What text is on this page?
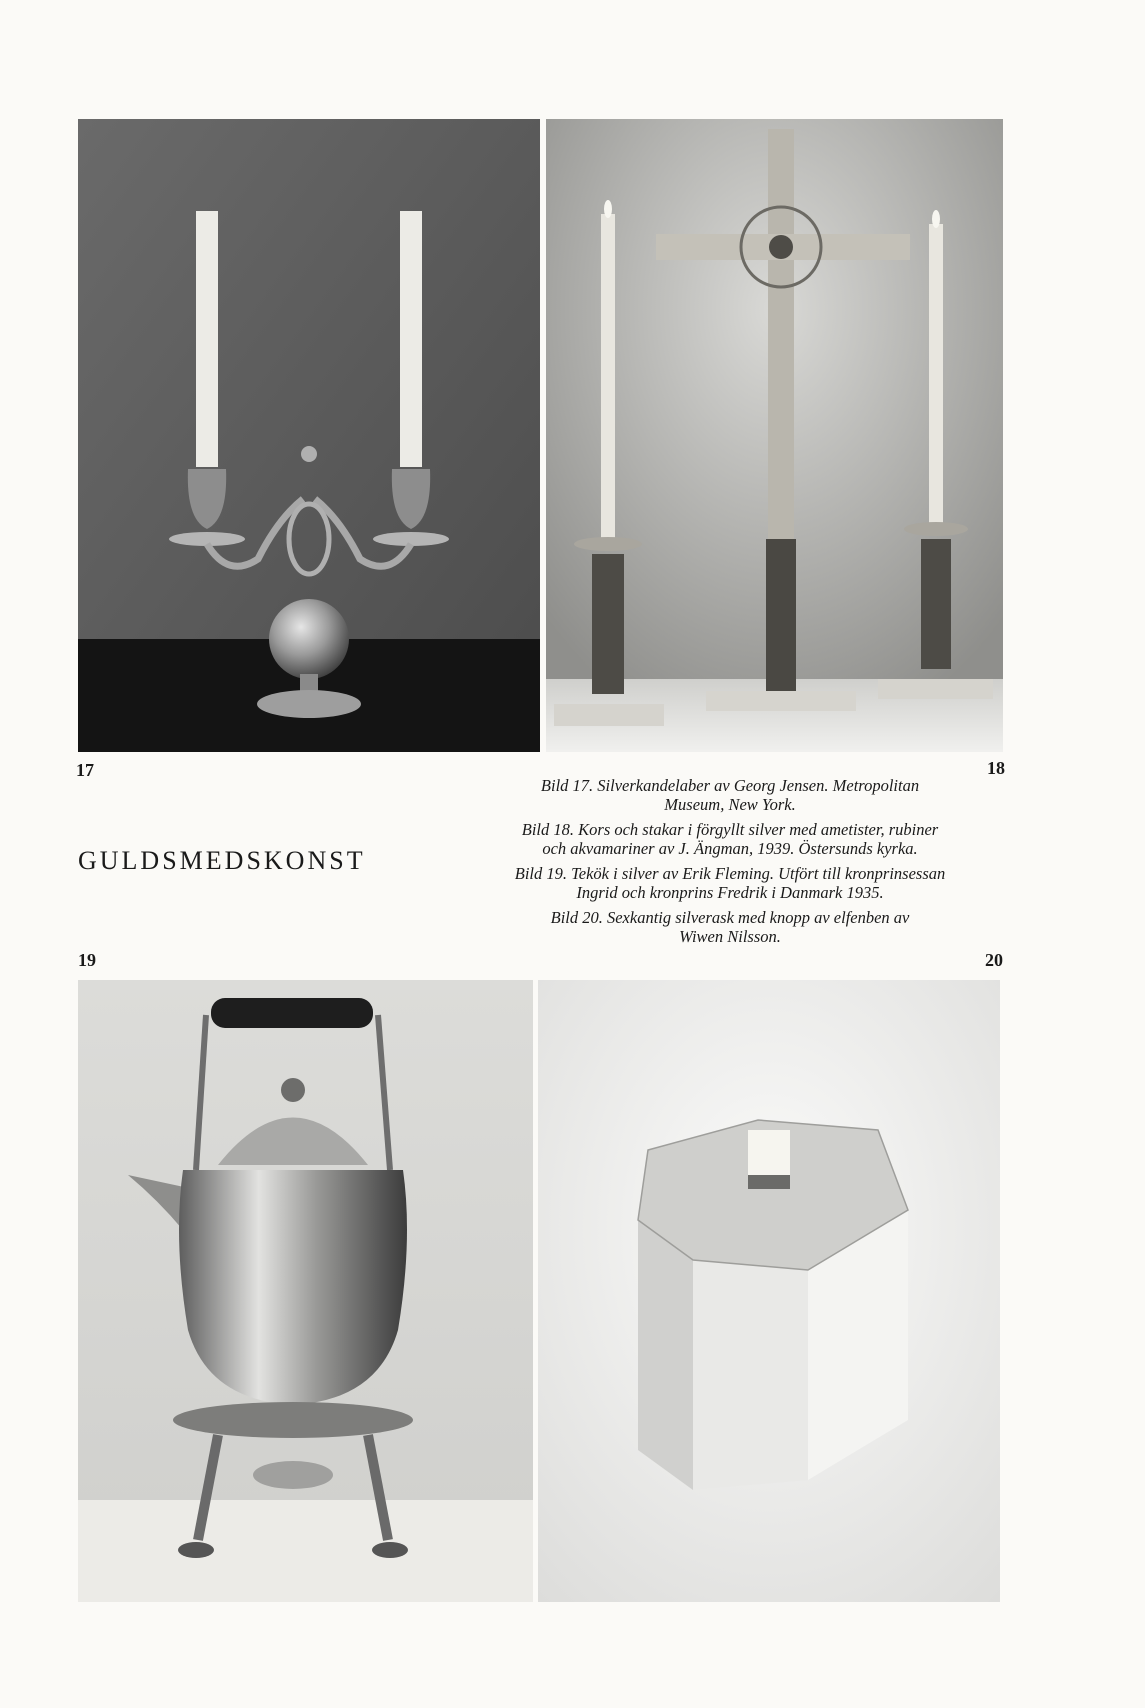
17	18
19	20
GULDSMEDSKONST

Bild 17. Silverkandelaber av Georg Jensen. Metropolitan
Museum, New York.

Bild 18. Kors och stakar i förgyllt silver med ametister, rubiner
och akvamariner av J. Ängman, 1939. Östersunds kyrka.

Bild 19. Tekök i silver av Erik Fleming. Utfört till kronprinsessan
Ingrid och kronprins Fredrik i Danmark 1935.

Bild 20. Sexkantig silverask med knopp av elfenben av
Wiwen Nilsson.
